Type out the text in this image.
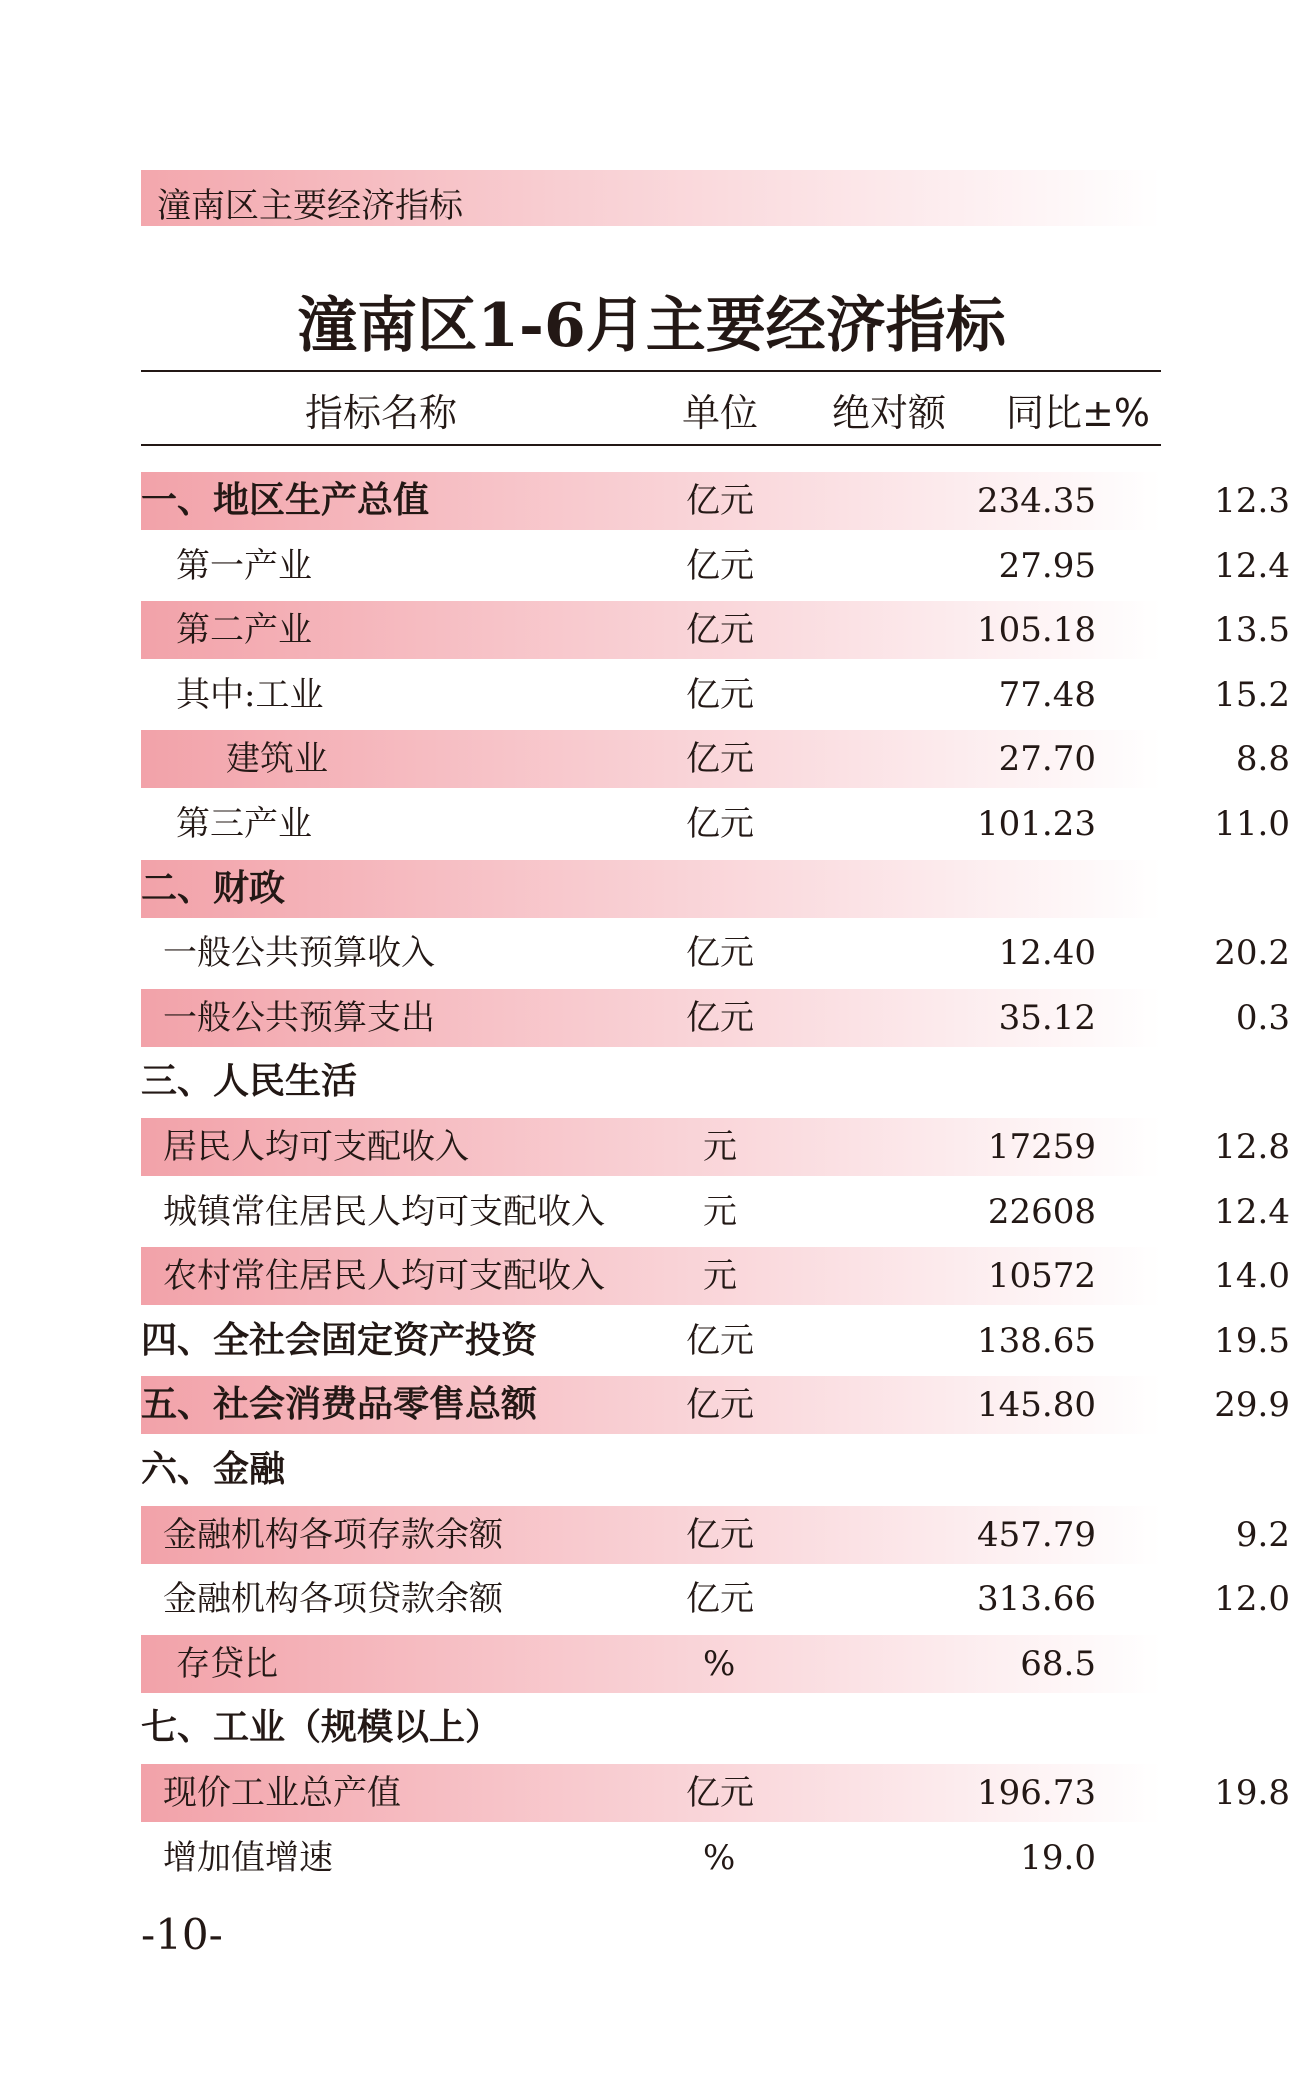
潼南区主要经济指标
潼南区1-6月主要经济指标
指标名称	单位 绝对额 同比±%
一、地区生产总值	亿元	234.35	12.3
第一产业	亿元	27.95	12.4
第二产业	亿元	105.18	13.5
其中:工业	亿元	77.48	15.2
建筑业	亿元	27.70	8.8
第三产业	亿元	101.23	11.0
二、财政
一般公共预算收入	亿元	12.40	20.2
一般公共预算支出	亿元	35.12	0.3
三、人民生活
居民人均可支配收入	元	17259	12.8
城镇常住居民人均可支配收入	元	22608	12.4
农村常住居民人均可支配收入	元	10572	14.0
四、全社会固定资产投资	亿元	138.65	19.5
五、社会消费品零售总额	亿元	145.80	29.9
六、金融
金融机构各项存款余额	亿元	457.79	9.2
金融机构各项贷款余额	亿元	313.66	12.0
存贷比	%	68.5
七、工业（规模以上）
现价工业总产值	亿元	196.73	19.8
增加值增速	%	19.0
-10-
